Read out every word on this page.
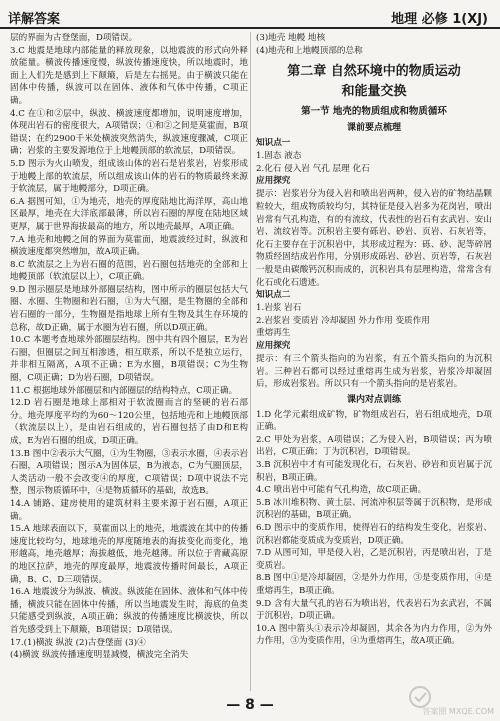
详解答案	地理 必修 1(XJ)

层的界面为古登堡面，D项错误。

3.C 地震是地球内部能量的释放现象，以地震波的形式向外释放能量。横波传播速度慢，纵波传播速度快，所以地震时，地面上人们先是感到上下颠簸，后是左右摇晃。由于横波只能在固体中传播，纵波可以在固体、液体和气体中传播，C项正确。

4.C 在①和②层中，纵波、横波速度都增加，说明速度增加，体现出岩石的密度很大，A项错误；①和②之间是莫霍面，B项错误；在约2900千米处横波突然消失，纵波速度骤减，C项正确；岩浆的主要发源地位于上地幔顶部的软流层，D项错误。

5.D 图示为火山喷发，组成该山体的岩石是岩浆岩，岩浆形成于地幔上部的软流层，所以组成该山体的岩石的物质最终来源于软流层，属于地幔部分，D项正确。

6.A 据图可知，①为地壳，地壳的厚度陆地比海洋厚，高山地区最厚，地壳在大洋底部最薄，所以岩石圈的厚度在陆地区域更厚，属于世界海拔最高的地方，所以地壳最厚，A项正确。

7.A 地壳和地幔之间的界面为莫霍面，地震波经过时，纵波和横波速度都突然增加，故A项正确。

8.C 软流层之上为岩石圈的范围，岩石圈包括地壳的全部和上地幔顶部（软流层以上），C项正确。

9.D 图示圈层是地球外部圈层结构，图中所示的圈层包括大气圈、水圈、生物圈和岩石圈，①为大气圈，是生物圈的全部和岩石圈的一部分，生物圈是指地球上所有生物及其生存环境的总称，故D正确，属于水圈为岩石圈，所以D项正确。

10.C 本题考查地球外部圈层结构。图中共有四个圈层，E为岩石圈，但圈层之间互相渗透，相互联系，所以不是独立运行，并非相互隔离，A项不正确；E为水圈，B项错误；C为生物圈，C项正确；D为岩石圈，D项错误。

11.C 根据地球外部圈层和内部圈层的结构特点，C项正确。

12.D 岩石圈是地球上部相对于软流圈而言的坚硬的岩石部分。地壳厚度平均约为60～120公里，包括地壳和上地幔顶部（软流层以上），是由岩石组成的，岩石圈包括了由D和E构成，E为岩石圈的组成，D项正确。

13.B 图中②表示大气圈，①为生物圈，③表示水圈，④表示岩石圈，A项错误；图示A为固体层，B为液态，C为气圈顶层，人类活动一般不会改变④的厚度，C项错误；D项中说法不完整，图示物质循环中，④是物质循环的基础，故选B。

14.A 铺路、建房使用的建筑材料主要来源于岩石圈，A项正确。

15.A 地球表面以下，莫霍面以上的地壳，地震波在其中的传播速度比较均匀，地球地壳的厚度随地表的海拔变化而变化，地形越高，地壳越厚；海拔越低，地壳越薄。所以位于青藏高原的地区拉萨，地壳的厚度最厚，地震波传播时间最长，A项正确，B、C、D三项错误。

16.A 地震波分为纵波、横波。纵波能在固体、液体和气体中传播，横波只能在固体中传播，所以当地震发生时，海底的鱼类只能感受到纵波，A项正确；纵波的传播速度比横波快，所以首先感受到上下颠簸，B项错误；D项错误。

17.(1)横波 纵波 (2)古登堡面 (3)④

(4)横波 纵波传播速度明显减慢，横波完全消失

(3)地壳 地幔 地核

(4)地壳和上地幔顶部的总称

第二章 自然环境中的物质运动
和能量交换
第一节 地壳的物质组成和物质循环
课前要点梳理
知识点一

1.固态 液态

2.化石 侵入岩 气孔 层理 化石

应用探究

提示：岩浆岩分为侵入岩和喷出岩两种，侵入岩的矿物结晶颗粒较大，组成物质较均匀，其特征是侵入岩多为花岗岩，喷出岩常有气孔构造，有的有流纹，代表性的岩石有玄武岩、安山岩、流纹岩等。沉积岩主要有砾岩、砂岩、页岩、石灰岩等，化石主要存在于沉积岩中，其形成过程为：砾、砂、泥等碎屑物质经固结成岩作用，分别形成砾岩、砂岩、页岩等，石灰岩一般是由碳酸钙沉积而成的，沉积岩具有层理构造，常常含有化石或化石遗迹。

知识点二

1.岩浆 岩石

2.岩浆岩 变质岩 冷却凝固 外力作用 变质作用

重熔再生

应用探究

提示：有三个箭头指向的为岩浆，有五个箭头指向的为沉积岩。三种岩石都可以经过重熔再生成为岩浆，岩浆冷却凝固后，形成岩浆岩。所以只有一个箭头指向的是岩浆岩。

课内对点训练

1.D 化学元素组成矿物，矿物组成岩石，岩石组成地壳，D项正确。

2.C 甲处为岩浆，A项错误；乙为侵入岩，B项错误；丙为喷出岩，C项正确；丁为沉积岩，D项错误。

3.B 沉积岩中才有可能发现化石，石灰岩、砂岩和页岩属于沉积岩，B项正确。

4.C 喷出岩中可能有气孔构造，故C项正确。

5.B 冰川堆积物、黄土层、河流冲积层等属于沉积物，是形成沉积岩的基础，B项正确。

6.D 图示中的变质作用，使得岩石的结构发生变化，岩浆岩、沉积岩都能变质成为变质岩，D项正确。

7.D 从图可知，甲是侵入岩，乙是沉积岩，丙是喷出岩，丁是变质岩。

8.B 图中①是冷却凝固，②是外力作用，③是变质作用，④是重熔再生，B项正确。

9.D 含有大量气孔的岩石为喷出岩，代表岩石为玄武岩，不属于沉积岩，D项正确。

10.A 图中箭头①表示冷却凝固，其余各为内力作用，②为外力作用，③为变质作用，④为重熔再生，故A项正确。

— 8 —	答案圈 MXQE.COM
